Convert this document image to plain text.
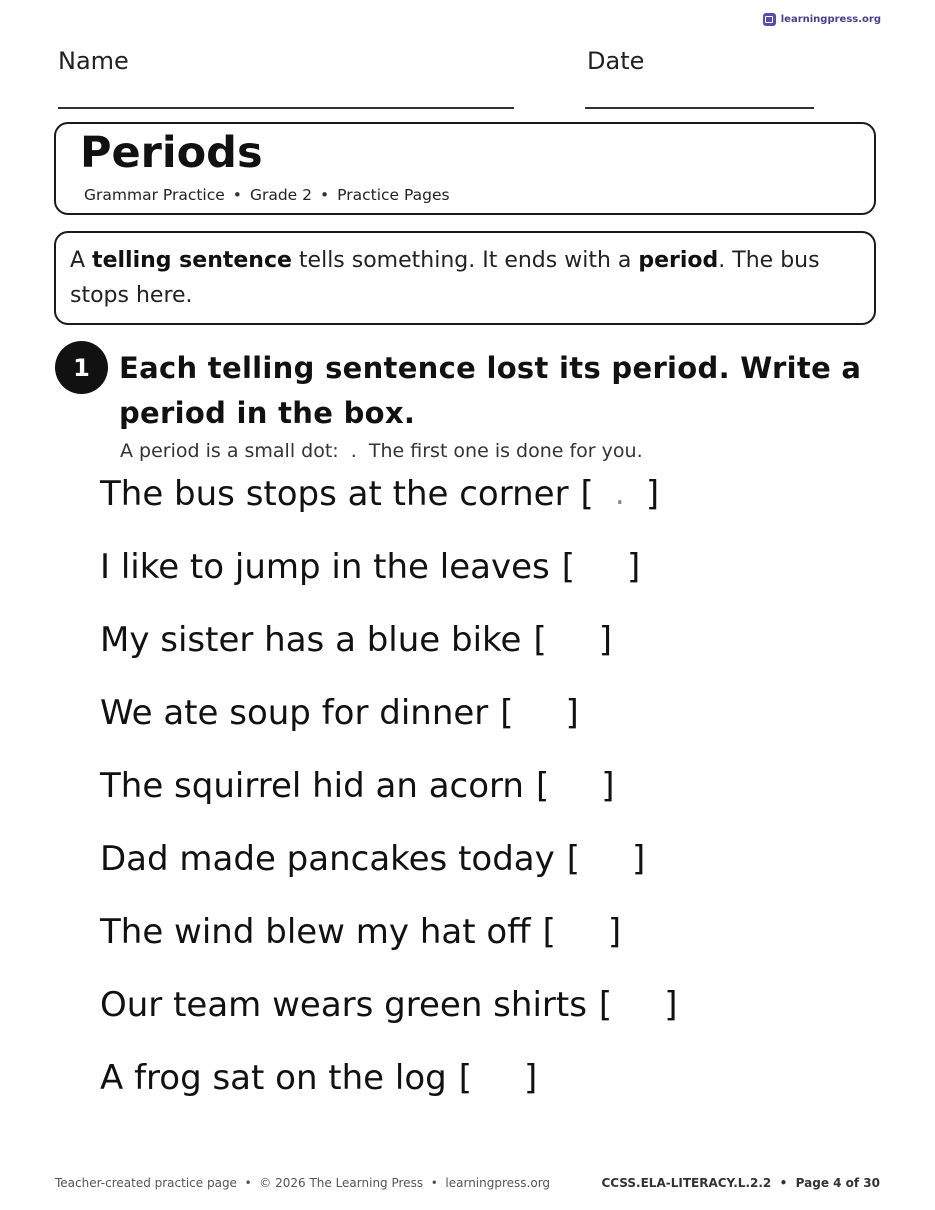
learningpress.org
Name	Date
Periods
Grammar Practice • Grade 2 • Practice Pages
A telling sentence tells something. It ends with a period. The bus stops here.
1	Each telling sentence lost its period. Write a period in the box.
A period is a small dot:  .  The first one is done for you.
The bus stops at the corner [ . ]
I like to jump in the leaves [ ]
My sister has a blue bike [ ]
We ate soup for dinner [ ]
The squirrel hid an acorn [ ]
Dad made pancakes today [ ]
The wind blew my hat off [ ]
Our team wears green shirts [ ]
A frog sat on the log [ ]
Teacher-created practice page  •  © 2026 The Learning Press  •  learningpress.org	CCSS.ELA-LITERACY.L.2.2  •  Page 4 of 30
